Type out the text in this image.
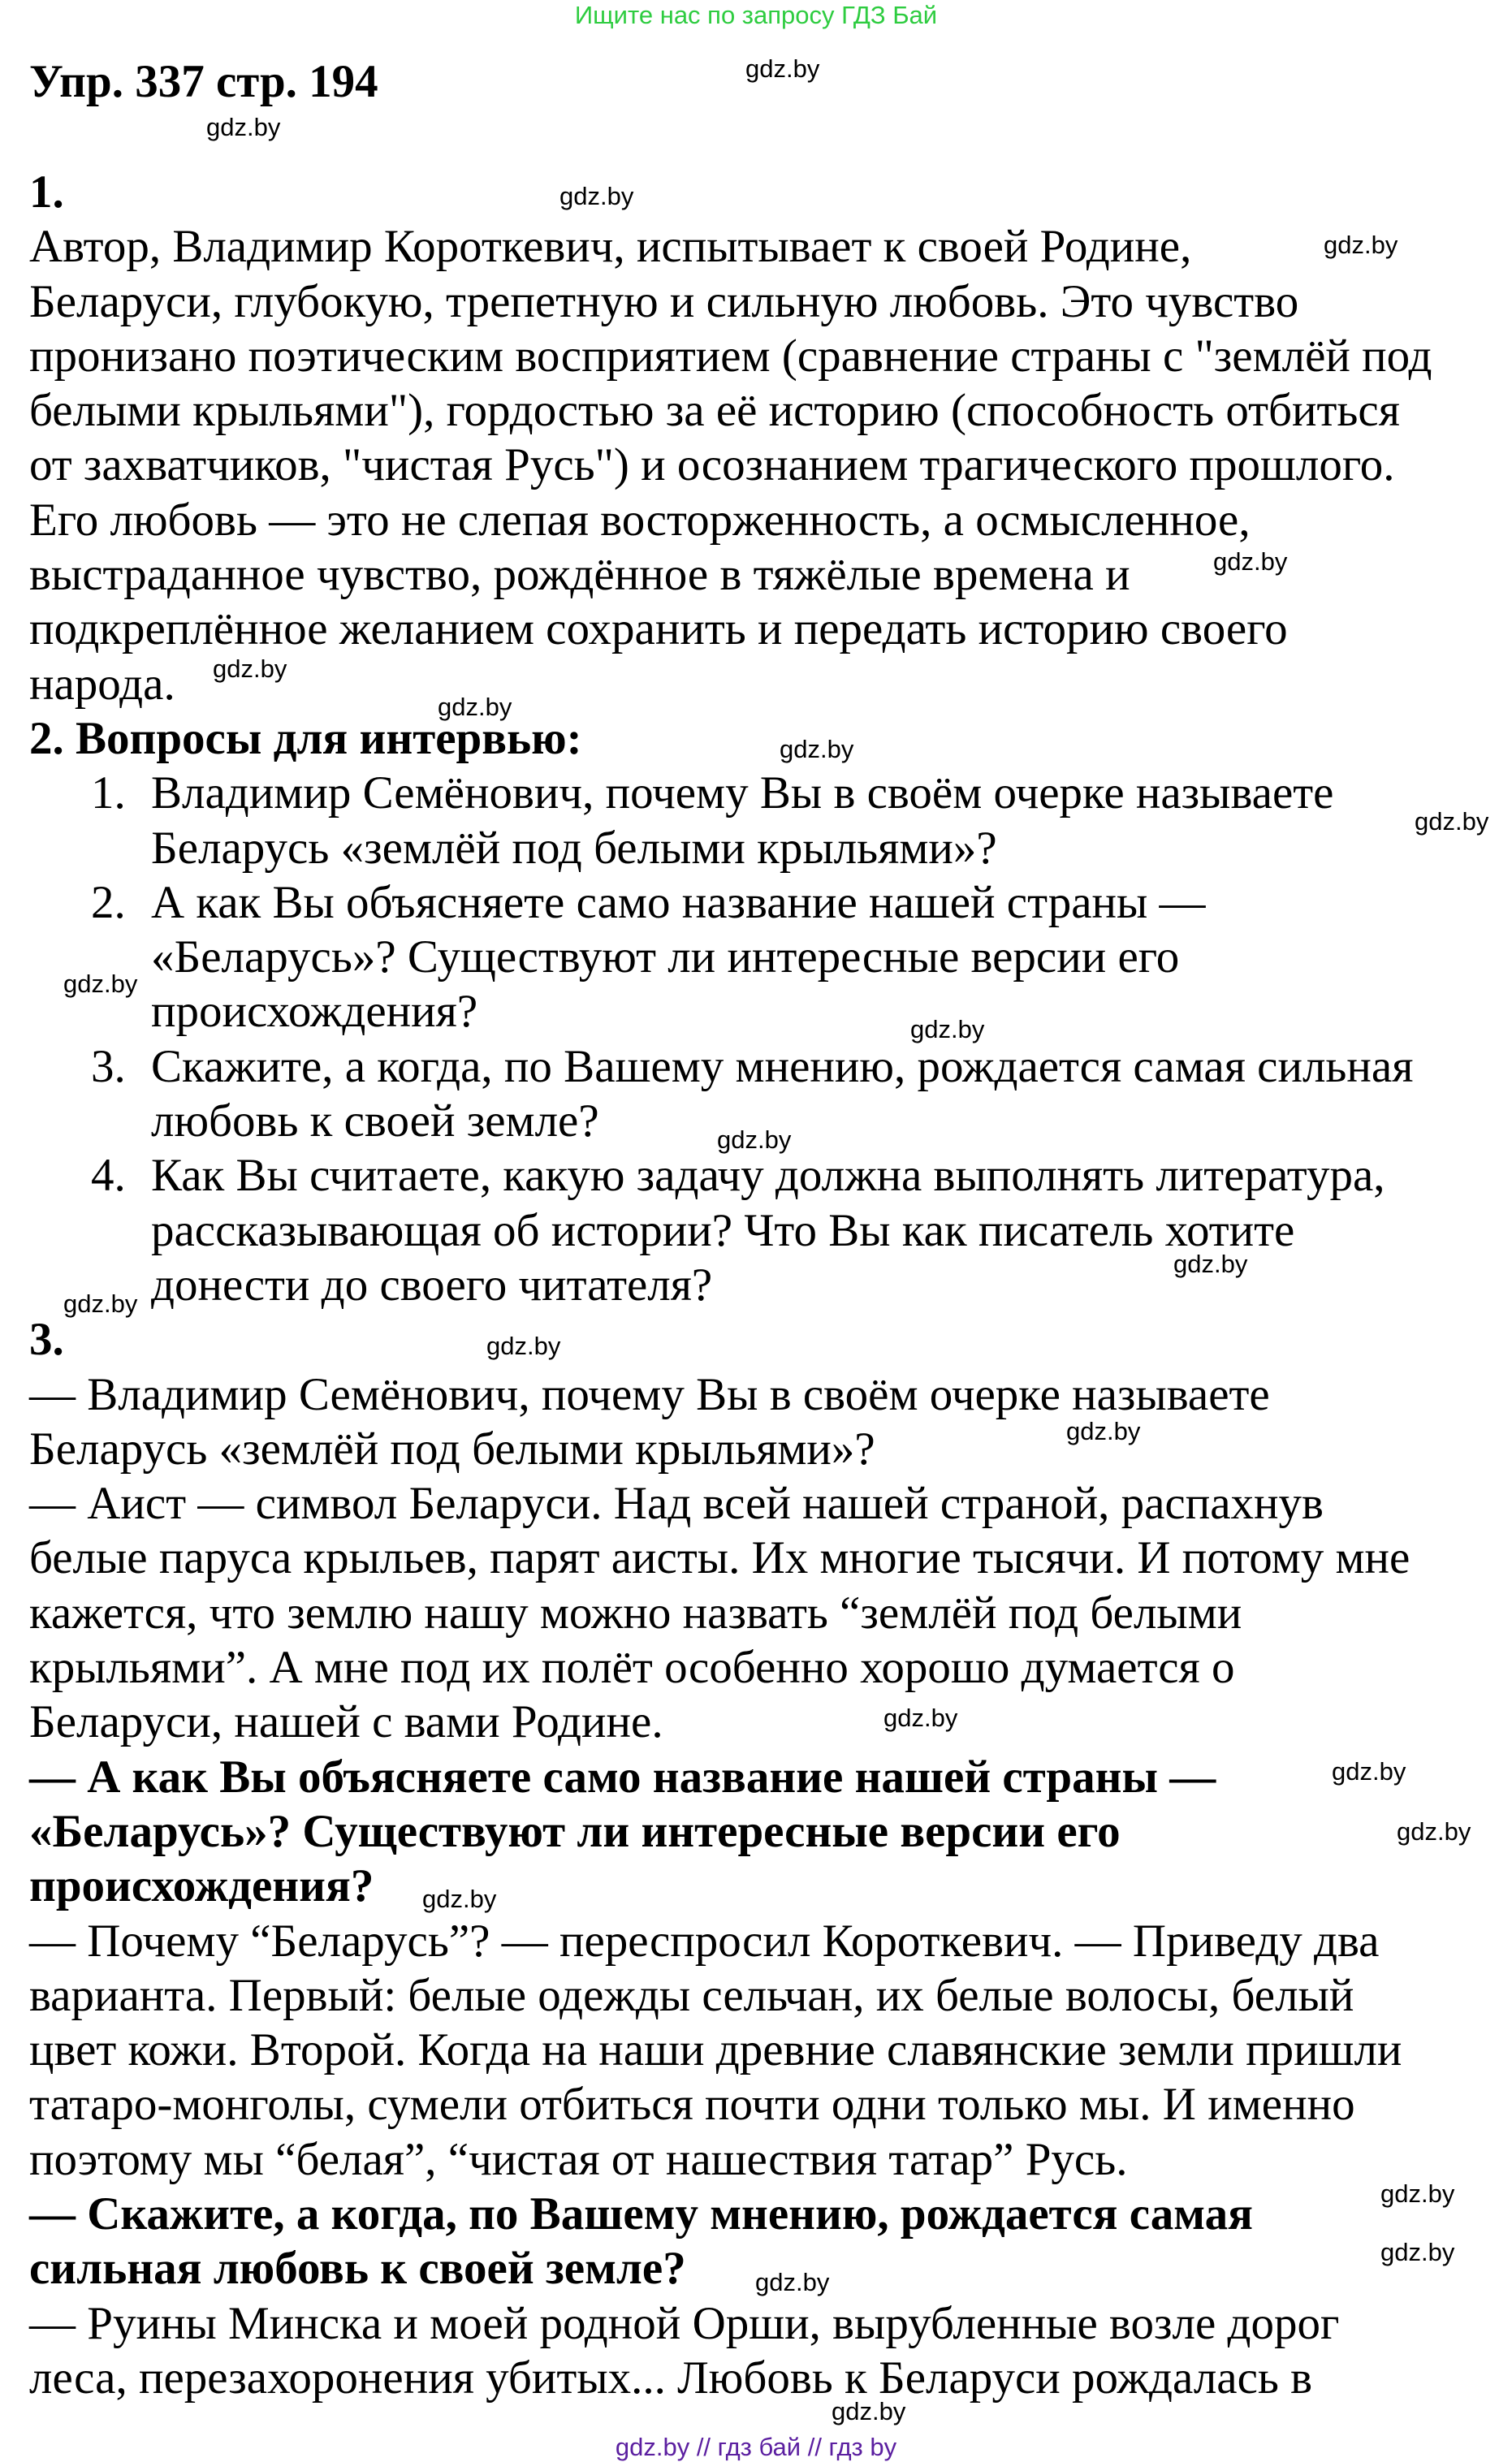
Ищите нас по запросу ГДЗ Бай
Упр. 337 стр. 194
1.
Автор, Владимир Короткевич, испытывает к своей Родине,
Беларуси, глубокую, трепетную и сильную любовь. Это чувство
пронизано поэтическим восприятием (сравнение страны с "землёй под
белыми крыльями"), гордостью за её историю (способность отбиться
от захватчиков, "чистая Русь") и осознанием трагического прошлого.
Его любовь — это не слепая восторженность, а осмысленное,
выстраданное чувство, рождённое в тяжёлые времена и
подкреплённое желанием сохранить и передать историю своего
народа.
2. Вопросы для интервью:
1. Владимир Семёнович, почему Вы в своём очерке называете
Беларусь «землёй под белыми крыльями»?
2. А как Вы объясняете само название нашей страны —
«Беларусь»? Существуют ли интересные версии его
происхождения?
3. Скажите, а когда, по Вашему мнению, рождается самая сильная
любовь к своей земле?
4. Как Вы считаете, какую задачу должна выполнять литература,
рассказывающая об истории? Что Вы как писатель хотите
донести до своего читателя?
3.
— Владимир Семёнович, почему Вы в своём очерке называете
Беларусь «землёй под белыми крыльями»?
— Аист — символ Беларуси. Над всей нашей страной, распахнув
белые паруса крыльев, парят аисты. Их многие тысячи. И потому мне
кажется, что землю нашу можно назвать “землёй под белыми
крыльями”. А мне под их полёт особенно хорошо думается о
Беларуси, нашей с вами Родине.
— А как Вы объясняете само название нашей страны —
«Беларусь»? Существуют ли интересные версии его
происхождения?
— Почему “Беларусь”? — переспросил Короткевич. — Приведу два
варианта. Первый: белые одежды сельчан, их белые волосы, белый
цвет кожи. Второй. Когда на наши древние славянские земли пришли
татаро-монголы, сумели отбиться почти одни только мы. И именно
поэтому мы “белая”, “чистая от нашествия татар” Русь.
— Скажите, а когда, по Вашему мнению, рождается самая
сильная любовь к своей земле?
— Руины Минска и моей родной Орши, вырубленные возле дорог
леса, перезахоронения убитых... Любовь к Беларуси рождалась в
gdz.by
gdz.by
gdz.by
gdz.by
gdz.by
gdz.by
gdz.by
gdz.by
gdz.by
gdz.by
gdz.by
gdz.by
gdz.by
gdz.by
gdz.by
gdz.by
gdz.by
gdz.by
gdz.by
gdz.by
gdz.by
gdz.by
gdz.by
gdz.by
gdz.by // гдз бай // гдз by
